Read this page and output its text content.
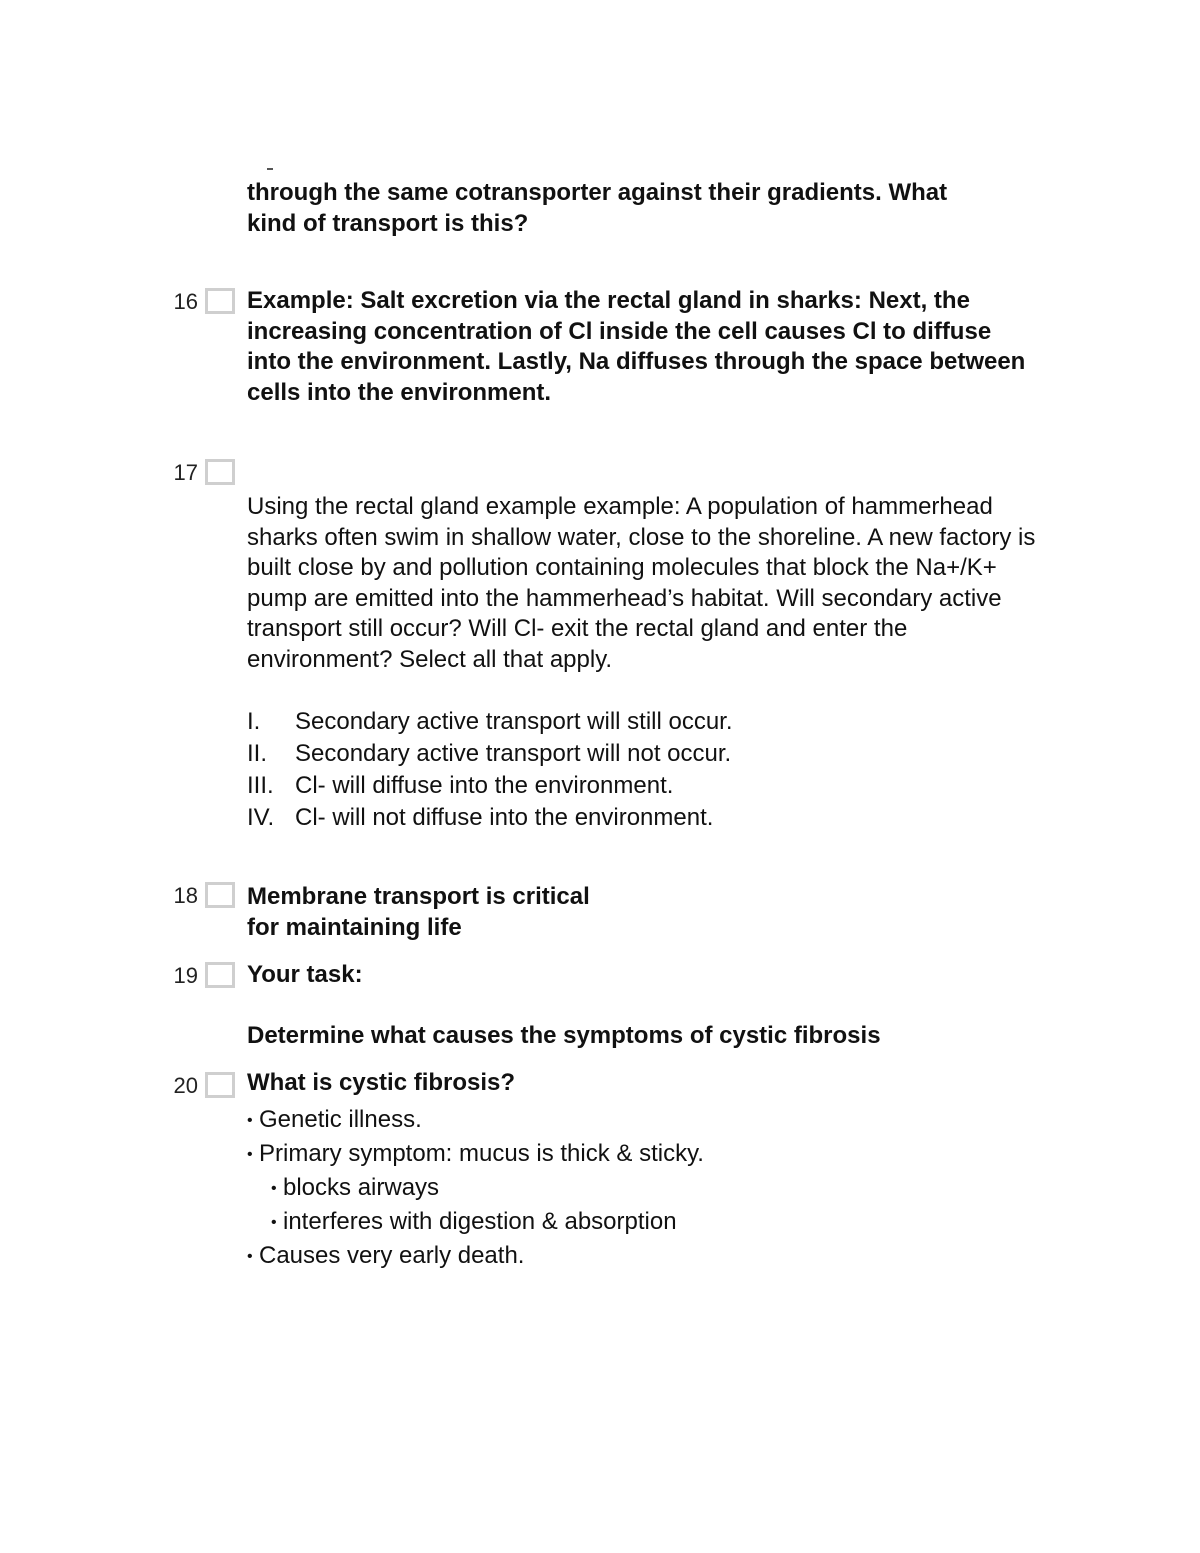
through the same cotransporter against their gradients. What
kind of transport is this?
16 Example: Salt excretion via the rectal gland in sharks: Next, the increasing concentration of Cl inside the cell causes Cl to diffuse into the environment. Lastly, Na diffuses through the space between cells into the environment.
17
Using the rectal gland example example: A population of hammerhead sharks often swim in shallow water, close to the shoreline. A new factory is built close by and pollution containing molecules that block the Na+/K+ pump are emitted into the hammerhead’s habitat. Will secondary active transport still occur? Will Cl- exit the rectal gland and enter the environment? Select all that apply.
I.	Secondary active transport will still occur.
II.	Secondary active transport will not occur.
III. Cl- will diffuse into the environment.
IV. Cl- will not diffuse into the environment.
18 Membrane transport is critical
for maintaining life
19 Your task:
Determine what causes the symptoms of cystic fibrosis
20 What is cystic fibrosis?
• Genetic illness.
• Primary symptom: mucus is thick & sticky.
• blocks airways
• interferes with digestion & absorption
• Causes very early death.
